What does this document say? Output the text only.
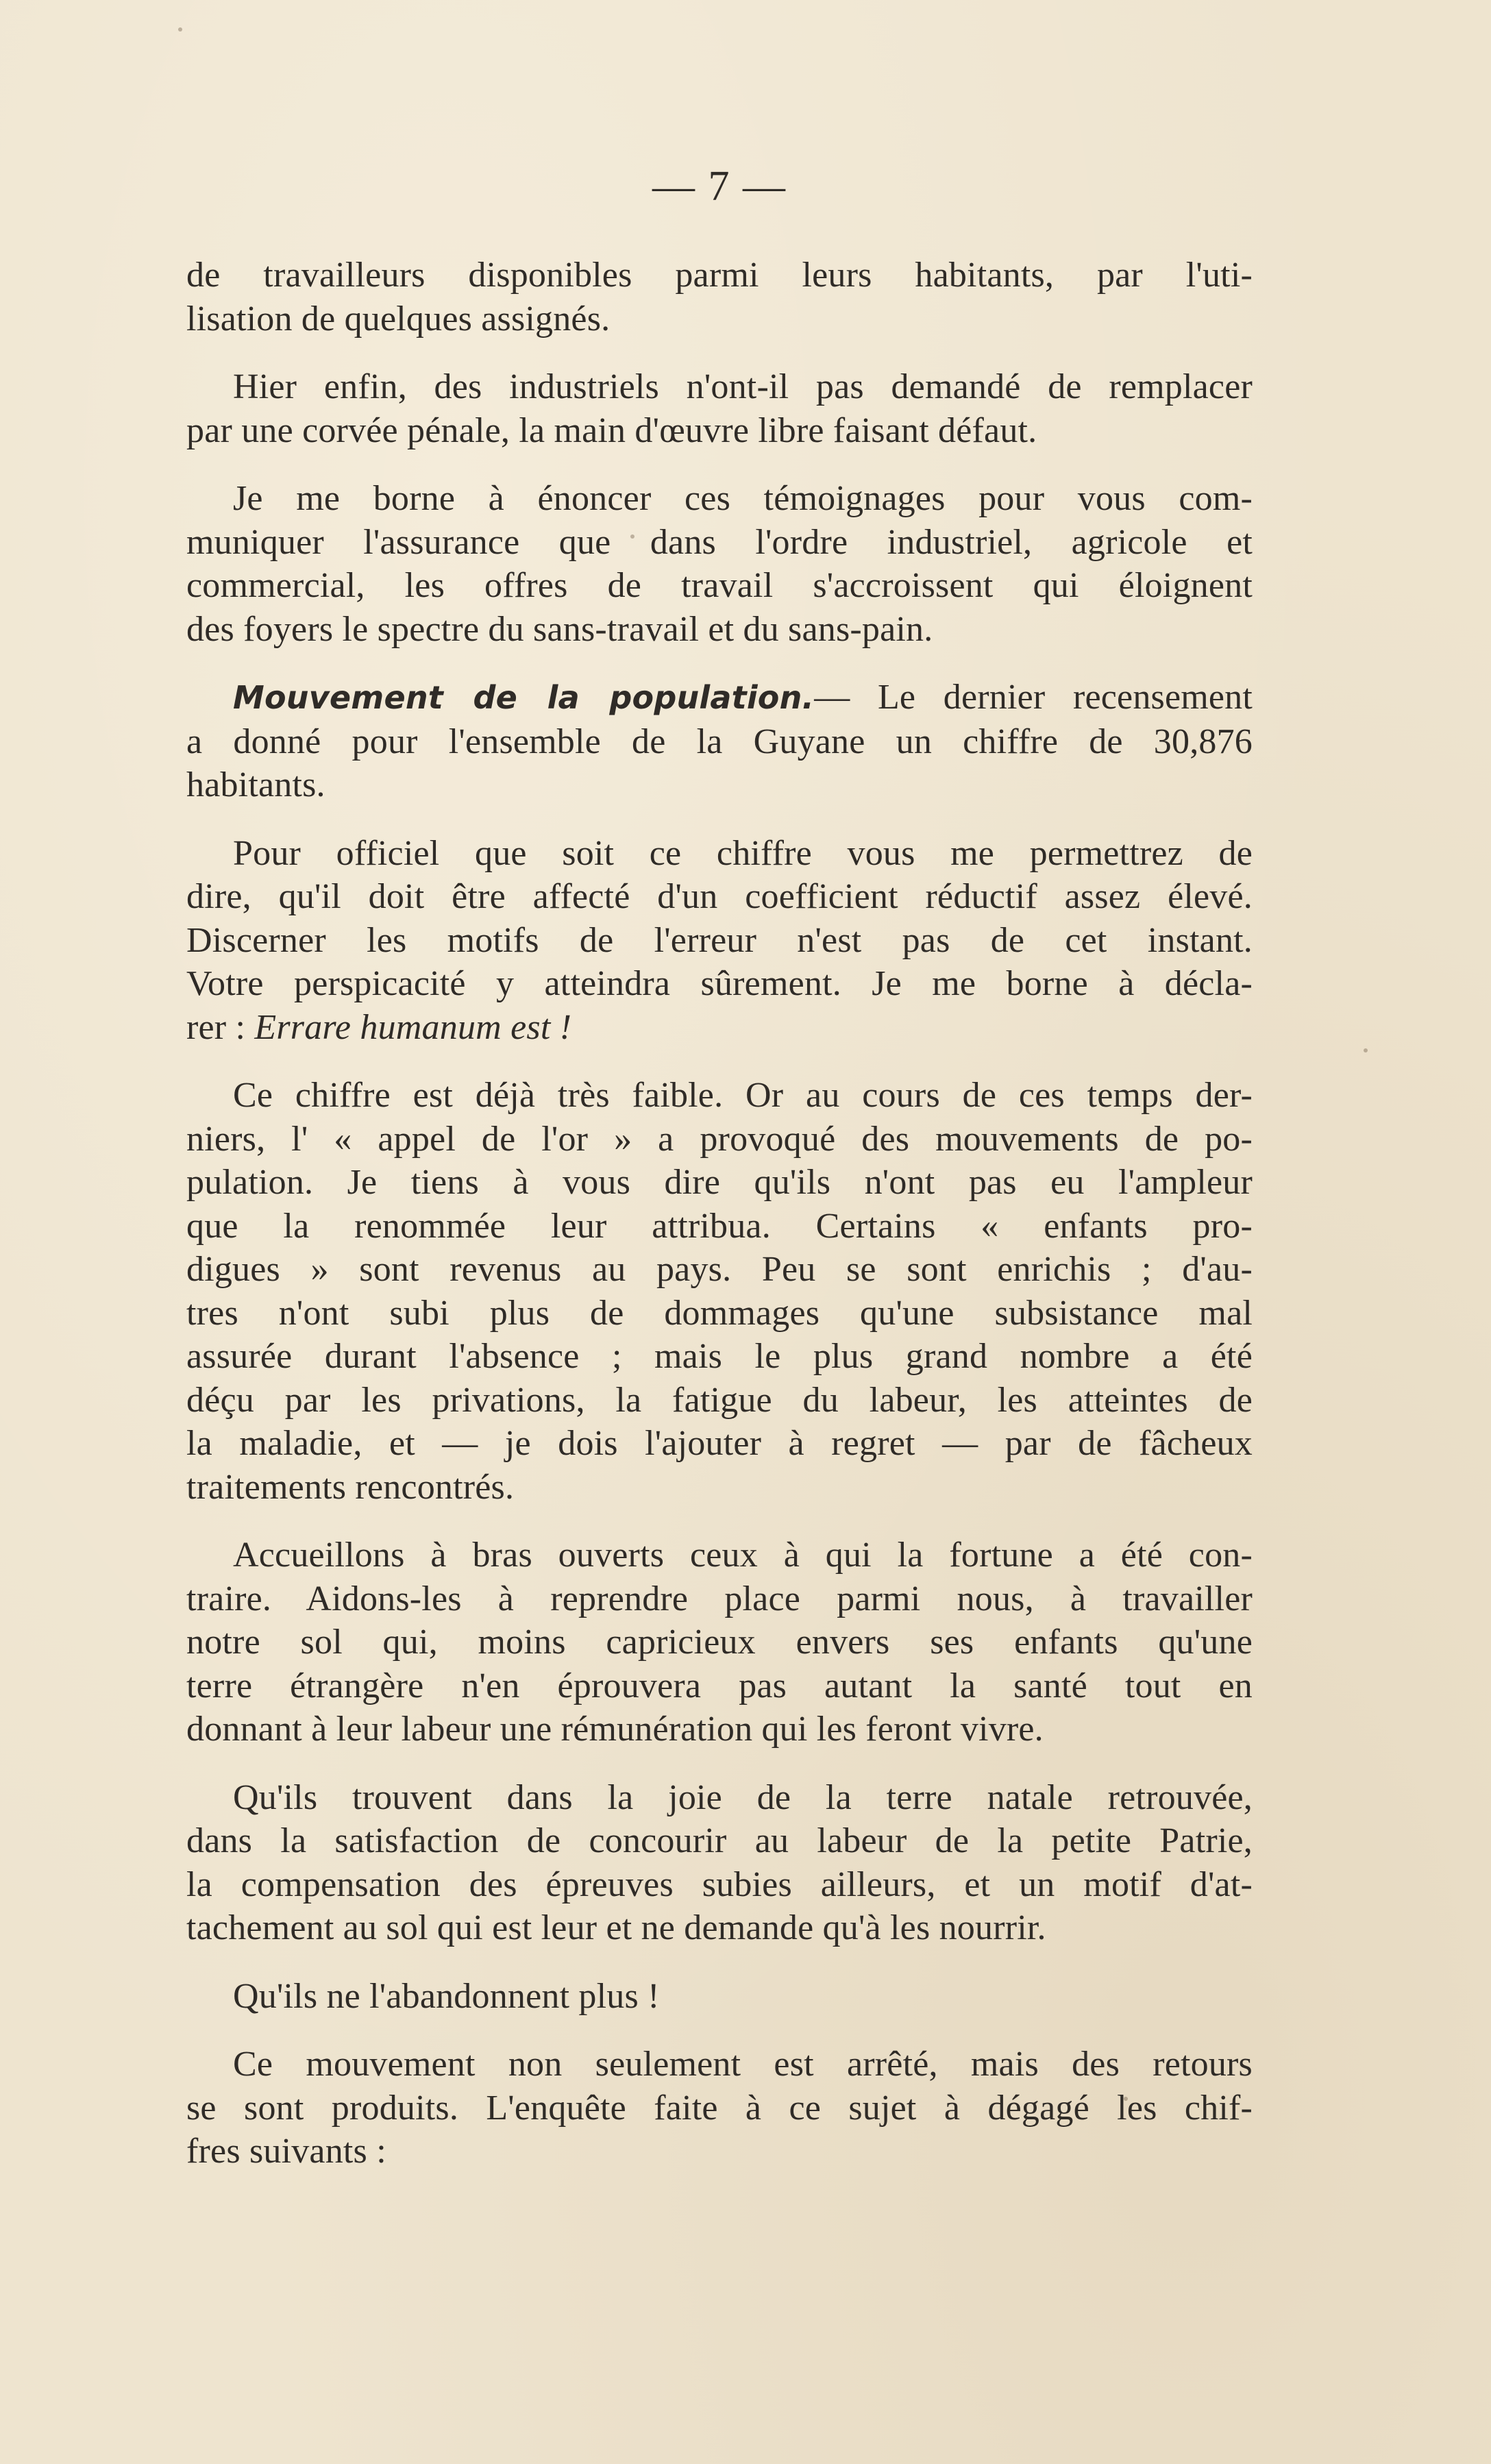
— 7 —
de travailleurs disponibles parmi leurs habitants, par l'uti-
lisation de quelques assignés.
Hier enfin, des industriels n'ont-il pas demandé de remplacer
par une corvée pénale, la main d'œuvre libre faisant défaut.
Je me borne à énoncer ces témoignages pour vous com-
muniquer l'assurance que dans l'ordre industriel, agricole et
commercial, les offres de travail s'accroissent qui éloignent
des foyers le spectre du sans-travail et du sans-pain.
Mouvement de la population.— Le dernier recensement
a donné pour l'ensemble de la Guyane un chiffre de 30,876
habitants.
Pour officiel que soit ce chiffre vous me permettrez de
dire, qu'il doit être affecté d'un coefficient réductif assez élevé.
Discerner les motifs de l'erreur n'est pas de cet instant.
Votre perspicacité y atteindra sûrement. Je me borne à décla-
rer : Errare humanum est !
Ce chiffre est déjà très faible. Or au cours de ces temps der-
niers, l' « appel de l'or » a provoqué des mouvements de po-
pulation. Je tiens à vous dire qu'ils n'ont pas eu l'ampleur
que la renommée leur attribua. Certains « enfants pro-
digues » sont revenus au pays. Peu se sont enrichis ; d'au-
tres n'ont subi plus de dommages qu'une subsistance mal
assurée durant l'absence ; mais le plus grand nombre a été
déçu par les privations, la fatigue du labeur, les atteintes de
la maladie, et — je dois l'ajouter à regret — par de fâcheux
traitements rencontrés.
Accueillons à bras ouverts ceux à qui la fortune a été con-
traire. Aidons-les à reprendre place parmi nous, à travailler
notre sol qui, moins capricieux envers ses enfants qu'une
terre étrangère n'en éprouvera pas autant la santé tout en
donnant à leur labeur une rémunération qui les feront vivre.
Qu'ils trouvent dans la joie de la terre natale retrouvée,
dans la satisfaction de concourir au labeur de la petite Patrie,
la compensation des épreuves subies ailleurs, et un motif d'at-
tachement au sol qui est leur et ne demande qu'à les nourrir.
Qu'ils ne l'abandonnent plus !
Ce mouvement non seulement est arrêté, mais des retours
se sont produits. L'enquête faite à ce sujet à dégagé les chif-
fres suivants :
